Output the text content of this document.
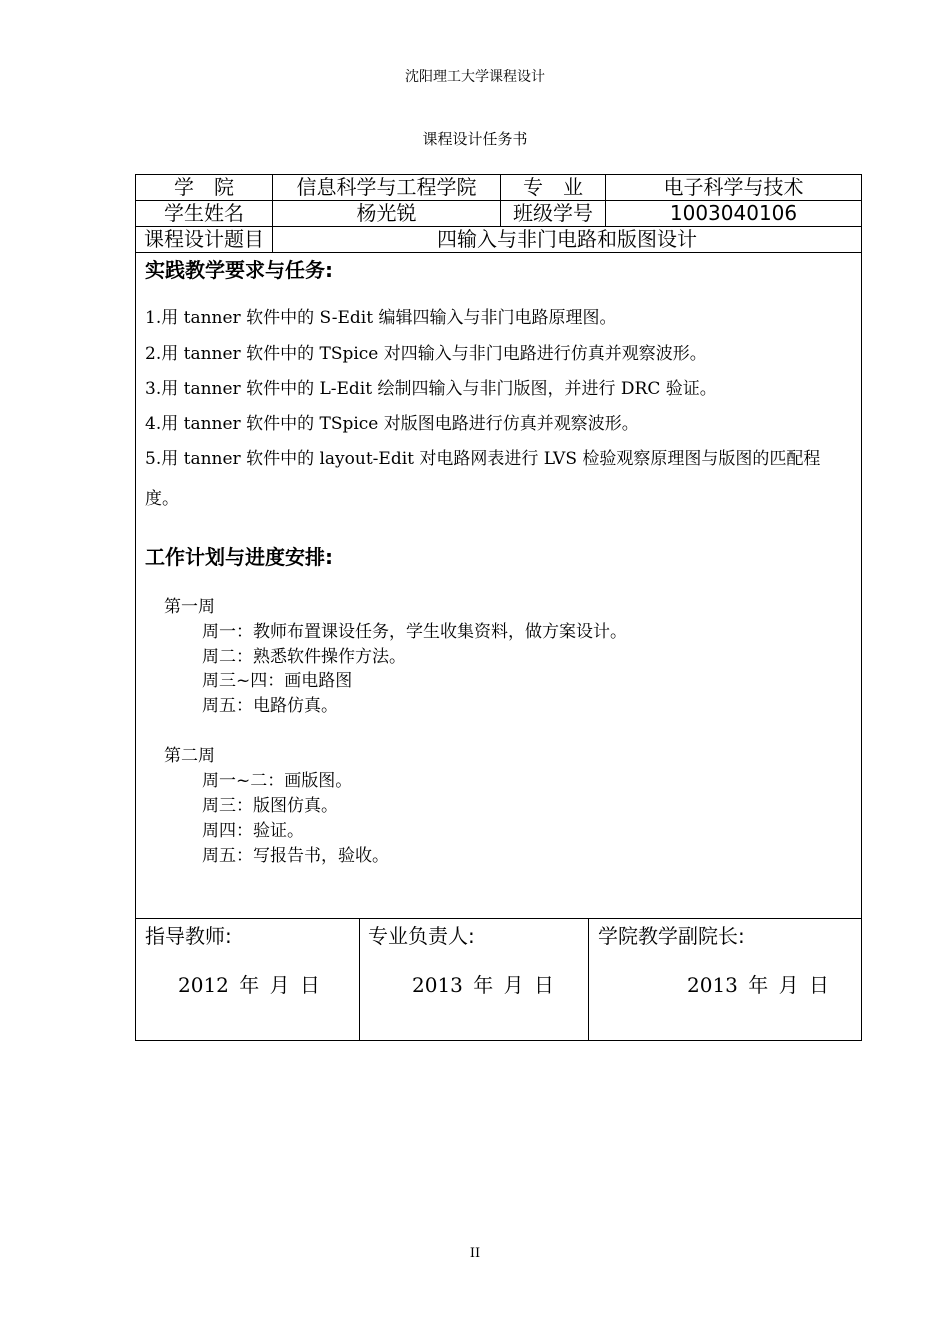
沈阳理工大学课程设计
课程设计任务书
学　院	信息科学与工程学院	专　业	电子科学与技术
学生姓名	杨光锐	班级学号	1003040106
课程设计题目	四输入与非门电路和版图设计
实践教学要求与任务:
1.用 tanner 软件中的 S-Edit 编辑四输入与非门电路原理图。
2.用 tanner 软件中的 TSpice 对四输入与非门电路进行仿真并观察波形。
3.用 tanner 软件中的 L-Edit 绘制四输入与非门版图，并进行 DRC 验证。
4.用 tanner 软件中的 TSpice 对版图电路进行仿真并观察波形。
5.用 tanner 软件中的 layout-Edit 对电路网表进行 LVS 检验观察原理图与版图的匹配程
度。
工作计划与进度安排:
第一周
周一：教师布置课设任务，学生收集资料，做方案设计。
周二：熟悉软件操作方法。
周三~四：画电路图
周五：电路仿真。
第二周
周一~二：画版图。
周三：版图仿真。
周四：验证。
周五：写报告书，验收。
指导教师:
2012 年 月 日
专业负责人:
2013 年 月 日
学院教学副院长:
2013 年 月 日
II
